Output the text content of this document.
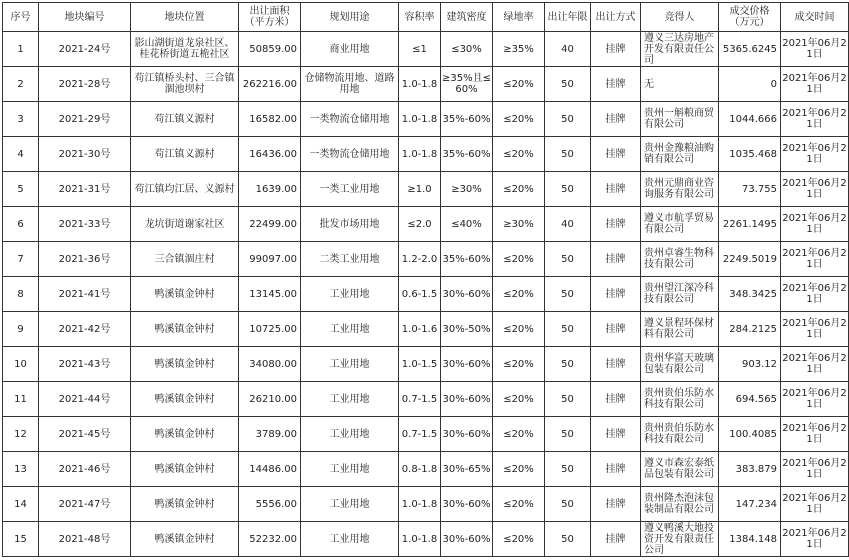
序号	地块编号	地块位置	出让面积（平方米）	规划用途	容积率	建筑密度	绿地率	出让年限	出让方式	竞得人	成交价格（万元）	成交时间
1	2021-24号	影山湖街道龙泉社区、桂花桥街道五桅社区	50859.00	商业用地	≤1	≤30%	≥35%	40	挂牌	遵义三达房地产开发有限责任公司	5365.6245	2021年06月21日
2	2021-28号	苟江镇桥头村、三合镇涸池坝村	262216.00	仓储物流用地、道路用地	1.0-1.8	≥35%且≤60%	≤20%	50	挂牌	无	0	2021年06月21日
3	2021-29号	苟江镇义源村	16582.00	一类物流仓储用地	1.0-1.8	35%-60%	≤20%	50	挂牌	贵州一斛粮商贸有限公司	1044.666	2021年06月21日
4	2021-30号	苟江镇义源村	16436.00	一类物流仓储用地	1.0-1.8	35%-60%	≤20%	50	挂牌	贵州金豫粮油购销有限公司	1035.468	2021年06月21日
5	2021-31号	苟江镇均江居、义源村	1639.00	一类工业用地	≥1.0	≥30%	≤20%	50	挂牌	贵州元鼎商业咨询服务有限公司	73.755	2021年06月21日
6	2021-33号	龙坑街道谢家社区	22499.00	批发市场用地	≤2.0	≤40%	≥30%	40	挂牌	遵义市航孚贸易有限公司	2261.1495	2021年06月21日
7	2021-36号	三合镇涸庄村	99097.00	二类工业用地	1.2-2.0	35%-60%	≤20%	50	挂牌	贵州卓睿生物科技有限公司	2249.5019	2021年06月21日
8	2021-41号	鸭溪镇金钟村	13145.00	工业用地	0.6-1.5	30%-60%	≤20%	50	挂牌	贵州望江深冷科技有限公司	348.3425	2021年06月21日
9	2021-42号	鸭溪镇金钟村	10725.00	工业用地	1.0-1.6	30%-50%	≤20%	50	挂牌	遵义景程环保材料有限公司	284.2125	2021年06月21日
10	2021-43号	鸭溪镇金钟村	34080.00	工业用地	1.0-1.5	30%-60%	≤20%	50	挂牌	贵州华富天玻璃包装有限公司	903.12	2021年06月21日
11	2021-44号	鸭溪镇金钟村	26210.00	工业用地	0.7-1.5	30%-60%	≤20%	50	挂牌	贵州贵伯乐防水科技有限公司	694.565	2021年06月21日
12	2021-45号	鸭溪镇金钟村	3789.00	工业用地	0.7-1.5	30%-60%	≤20%	50	挂牌	贵州贵伯乐防水科技有限公司	100.4085	2021年06月21日
13	2021-46号	鸭溪镇金钟村	14486.00	工业用地	0.8-1.8	30%-65%	≤20%	50	挂牌	遵义市森宏泰纸品包装有限公司	383.879	2021年06月21日
14	2021-47号	鸭溪镇金钟村	5556.00	工业用地	1.0-1.8	30%-60%	≤20%	50	挂牌	贵州隆杰泡沫包装制品有限公司	147.234	2021年06月21日
15	2021-48号	鸭溪镇金钟村	52232.00	工业用地	1.0-1.8	30%-60%	≤20%	50	挂牌	遵义鸭溪大地投资开发有限责任公司	1384.148	2021年06月21日
